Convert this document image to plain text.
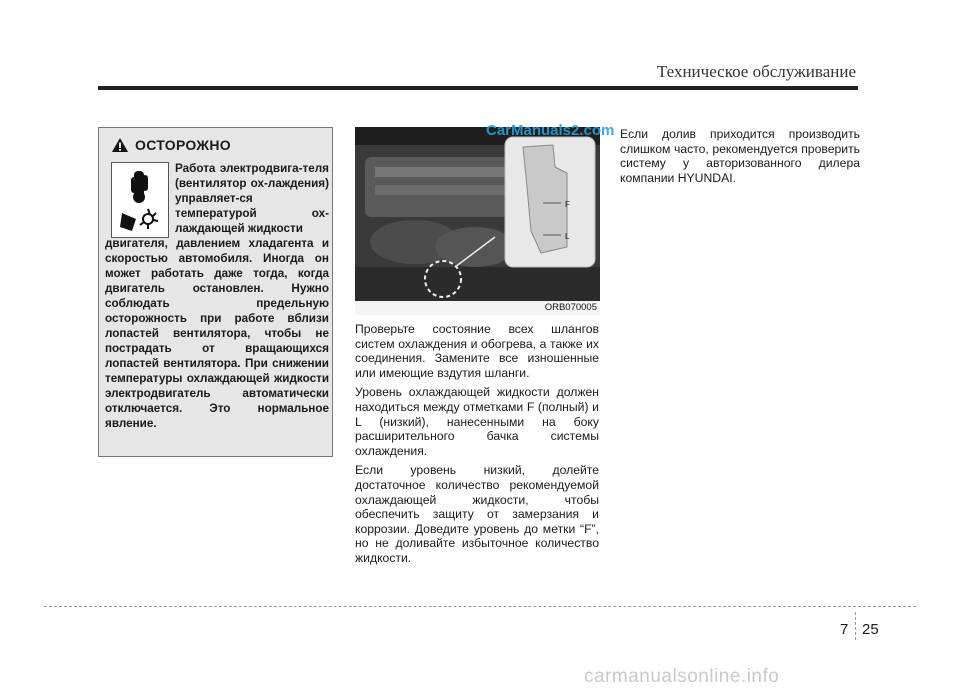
Техническое обслуживание
ОСТОРОЖНО
Работа электродвига-теля (вентилятор ох-лаждения) управляет-ся температурой ох-лаждающей жидкости
двигателя, давлением хладагента и скоростью автомобиля. Иногда он может работать даже тогда, когда двигатель остановлен. Нужно соблюдать предельную осторожность при работе вблизи лопастей вентилятора, чтобы не пострадать от вращающихся лопастей вентилятора. При снижении температуры охлаждающей жидкости электродвигатель автоматически отключается. Это нормальное явление.
F
L
ORB070005
CarManuals2.com

Проверьте состояние всех шлангов систем охлаждения и обогрева, а также их соединения. Замените все изношенные или имеющие вздутия шланги.

Уровень охлаждающей жидкости должен находиться между отметками F (полный) и L (низкий), нанесенными на боку расширительного бачка системы охлаждения.

Если уровень низкий, долейте достаточное количество рекомендуемой охлаждающей жидкости, чтобы обеспечить защиту от замерзания и коррозии. Доведите уровень до метки “F”, но не доливайте избыточное количество жидкости.

Если долив приходится производить слишком часто, рекомендуется проверить систему у авторизованного дилера компании HYUNDAI.

7 25
carmanualsonline.info
